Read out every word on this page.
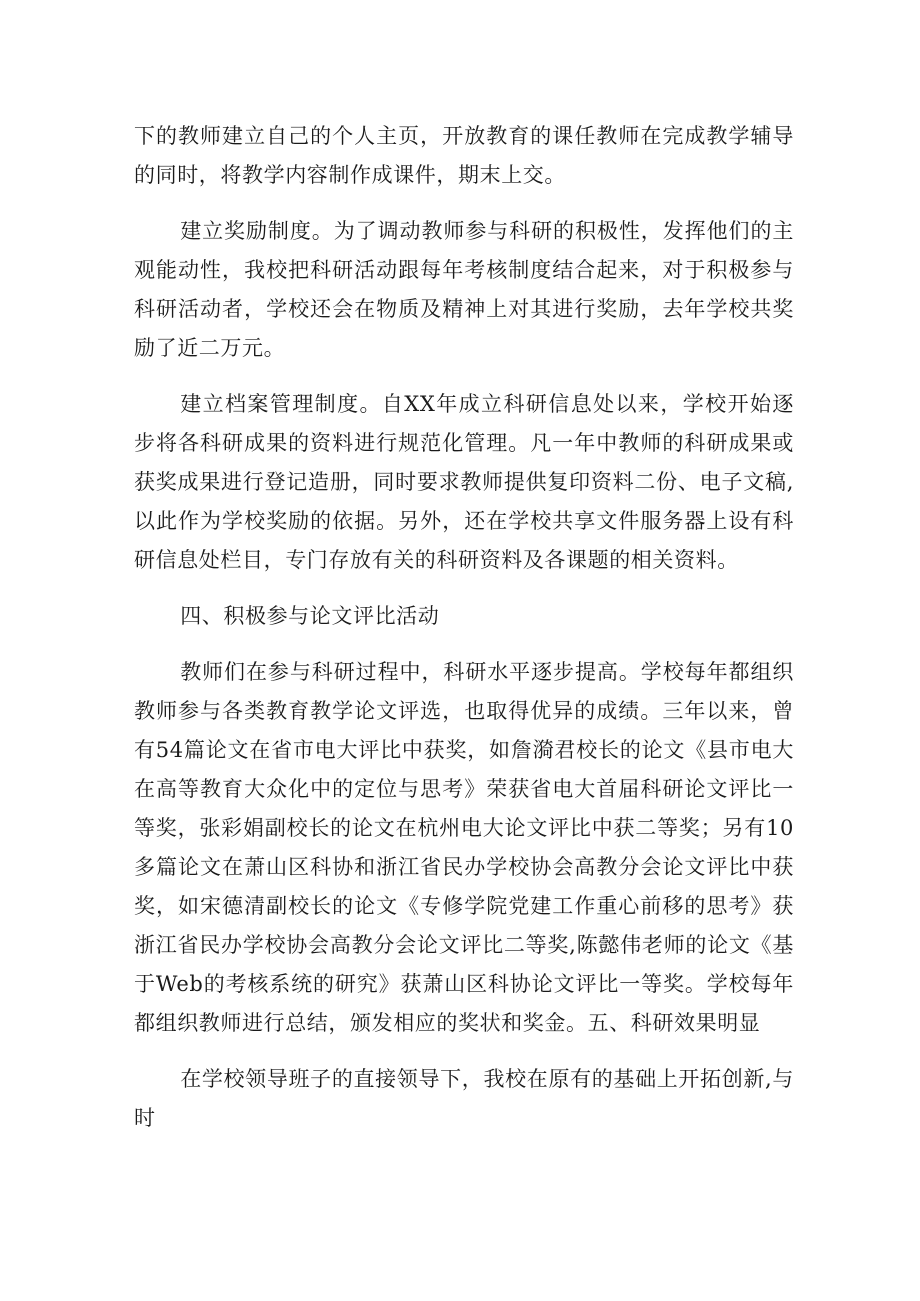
下的教师建立自己的个人主页，开放教育的课任教师在完成教学辅导的同时，将教学内容制作成课件，期末上交。

建立奖励制度。为了调动教师参与科研的积极性，发挥他们的主观能动性，我校把科研活动跟每年考核制度结合起来，对于积极参与科研活动者，学校还会在物质及精神上对其进行奖励，去年学校共奖励了近二万元。

建立档案管理制度。自XX年成立科研信息处以来，学校开始逐步将各科研成果的资料进行规范化管理。凡一年中教师的科研成果或获奖成果进行登记造册，同时要求教师提供复印资料二份、电子文稿,以此作为学校奖励的依据。另外，还在学校共享文件服务器上设有科研信息处栏目，专门存放有关的科研资料及各课题的相关资料。

四、积极参与论文评比活动

教师们在参与科研过程中，科研水平逐步提高。学校每年都组织教师参与各类教育教学论文评选，也取得优异的成绩。三年以来，曾有54篇论文在省市电大评比中获奖，如詹漪君校长的论文《县市电大在高等教育大众化中的定位与思考》荣获省电大首届科研论文评比一等奖，张彩娟副校长的论文在杭州电大论文评比中获二等奖；另有10多篇论文在萧山区科协和浙江省民办学校协会高教分会论文评比中获奖，如宋德清副校长的论文《专修学院党建工作重心前移的思考》获浙江省民办学校协会高教分会论文评比二等奖,陈懿伟老师的论文《基于Web的考核系统的研究》获萧山区科协论文评比一等奖。学校每年都组织教师进行总结，颁发相应的奖状和奖金。五、科研效果明显

在学校领导班子的直接领导下，我校在原有的基础上开拓创新,与时
